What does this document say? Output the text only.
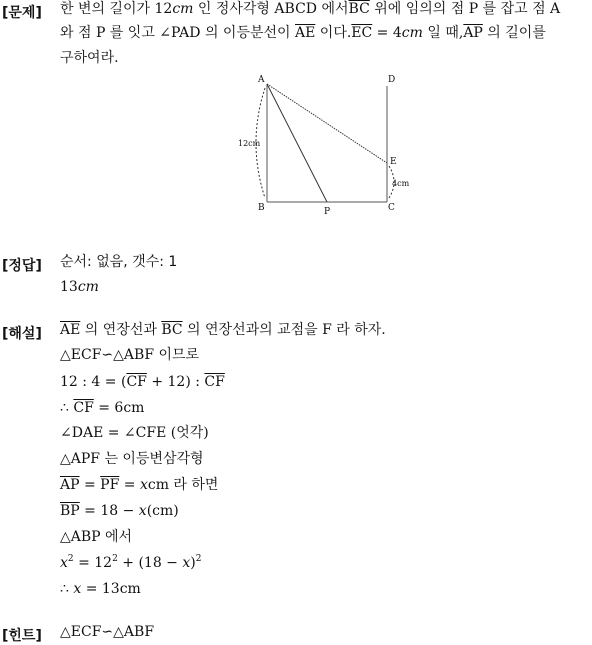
[문제] 한 변의 길이가 12cm 인 정사각형 ABCD 에서$\overline{BC}$ 위에 임의의 점 P 를 잡고 점 A
와 점 P 를 잇고 ∠PAD 의 이등분선이 $\overline{AE}$ 이다$.\overline{EC} = 4cm$ 일 때$,\overline{AP}$ 의 길이를
구하여라.
A	D
B	P	C
E
12cm
4cm
[정답] 순서: 없음, 갯수: 1
13cm
[해설] $\overline{AE}$ 의 연장선과 $\overline{BC}$ 의 연장선과의 교점을 F 라 하자.
△ECF∽△ABF 이므로
12 : $4 = (\overline{CF} + 12)$ : $\overline{CF}$
∴ $\overline{CF} = 6cm$
∠DAE = ∠CFE (엇각)
△APF 는 이등변삼각형
$\overline{AP} = \overline{PF}$ = xcm 라 하면
$\overline{BP} = 18 - x(cm)$
△ABP 에서
$x^2 = 12^2 + (18 - x)^2$
∴ x = 13cm
[힌트] △ECF∽△ABF
